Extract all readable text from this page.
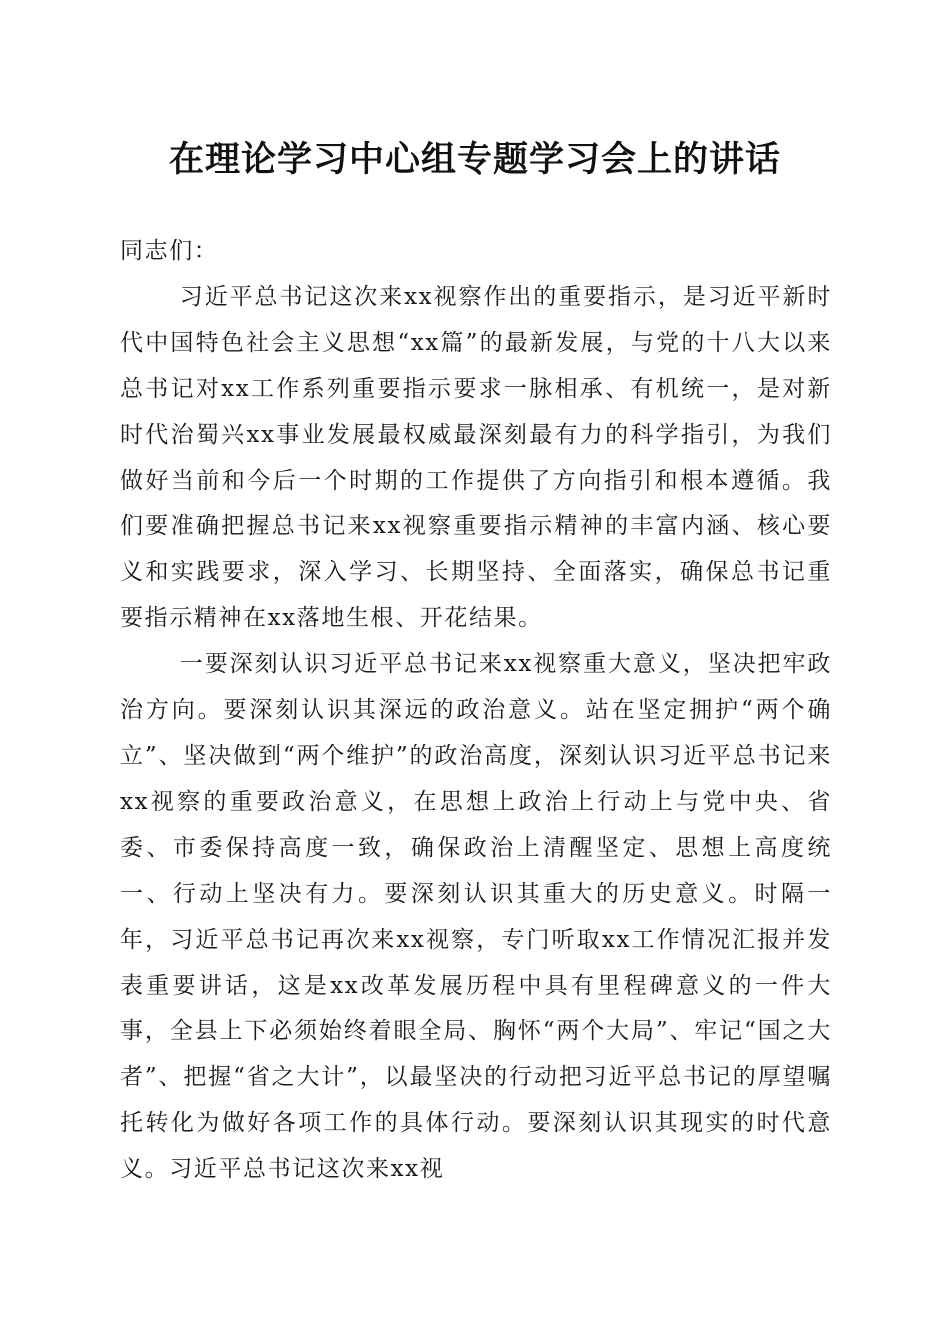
在理论学习中心组专题学习会上的讲话

同志们：

习近平总书记这次来xx视察作出的重要指示，是习近平新时代中国特色社会主义思想“xx篇”的最新发展，与党的十八大以来总书记对xx工作系列重要指示要求一脉相承、有机统一，是对新时代治蜀兴xx事业发展最权威最深刻最有力的科学指引，为我们做好当前和今后一个时期的工作提供了方向指引和根本遵循。我们要准确把握总书记来xx视察重要指示精神的丰富内涵、核心要义和实践要求，深入学习、长期坚持、全面落实，确保总书记重要指示精神在xx落地生根、开花结果。

一要深刻认识习近平总书记来xx视察重大意义，坚决把牢政治方向。要深刻认识其深远的政治意义。站在坚定拥护“两个确立”、坚决做到“两个维护”的政治高度，深刻认识习近平总书记来xx视察的重要政治意义，在思想上政治上行动上与党中央、省委、市委保持高度一致，确保政治上清醒坚定、思想上高度统一、行动上坚决有力。要深刻认识其重大的历史意义。时隔一年，习近平总书记再次来xx视察，专门听取xx工作情况汇报并发表重要讲话，这是xx改革发展历程中具有里程碑意义的一件大事，全县上下必须始终着眼全局、胸怀“两个大局”、牢记“国之大者”、把握“省之大计”，以最坚决的行动把习近平总书记的厚望嘱托转化为做好各项工作的具体行动。要深刻认识其现实的时代意义。习近平总书记这次来xx视
